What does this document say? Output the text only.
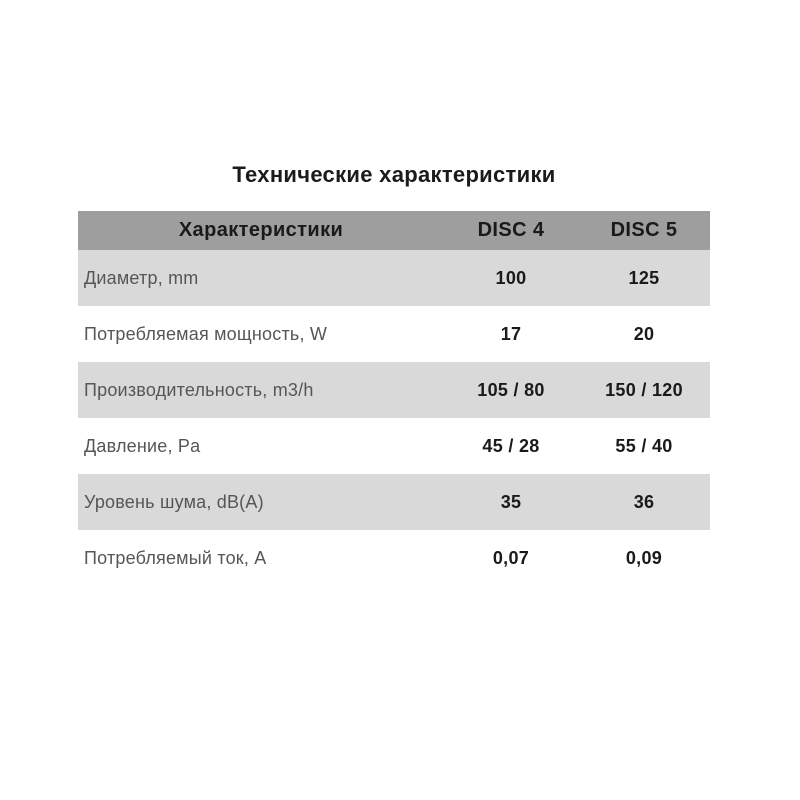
Технические характеристики
Характеристики	DISC 4	DISC 5
Диаметр, mm	100	125
Потребляемая мощность, W	17	20
Производительность, m3/h	105 / 80	150 / 120
Давление, Pa	45 / 28	55 / 40
Уровень шума, dB(A)	35	36
Потребляемый ток, A	0,07	0,09
